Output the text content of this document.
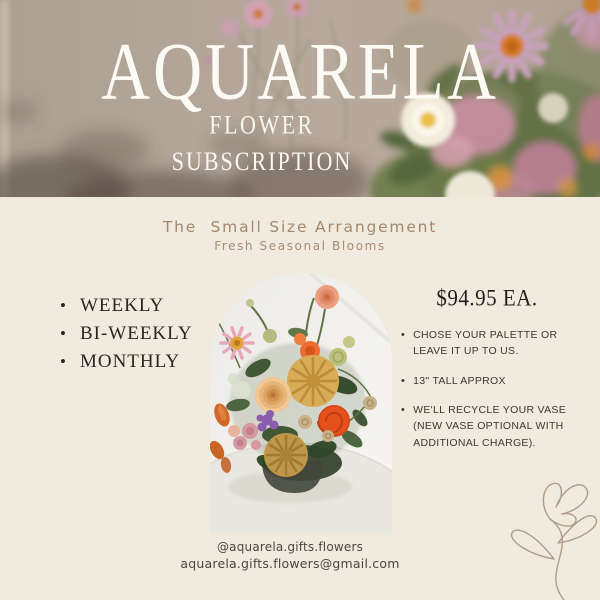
AQUARELA
FLOWER
SUBSCRIPTION
The  Small Size Arrangement
Fresh Seasonal Blooms
• WEEKLY
• BI-WEEKLY
• MONTHLY
$94.95 EA.
• CHOSE YOUR PALETTE OR LEAVE IT UP TO US.
• 13" TALL APPROX
• WE'LL RECYCLE YOUR VASE (NEW VASE OPTIONAL WITH ADDITIONAL CHARGE).
@aquarela.gifts.flowers
aquarela.gifts.flowers@gmail.com
